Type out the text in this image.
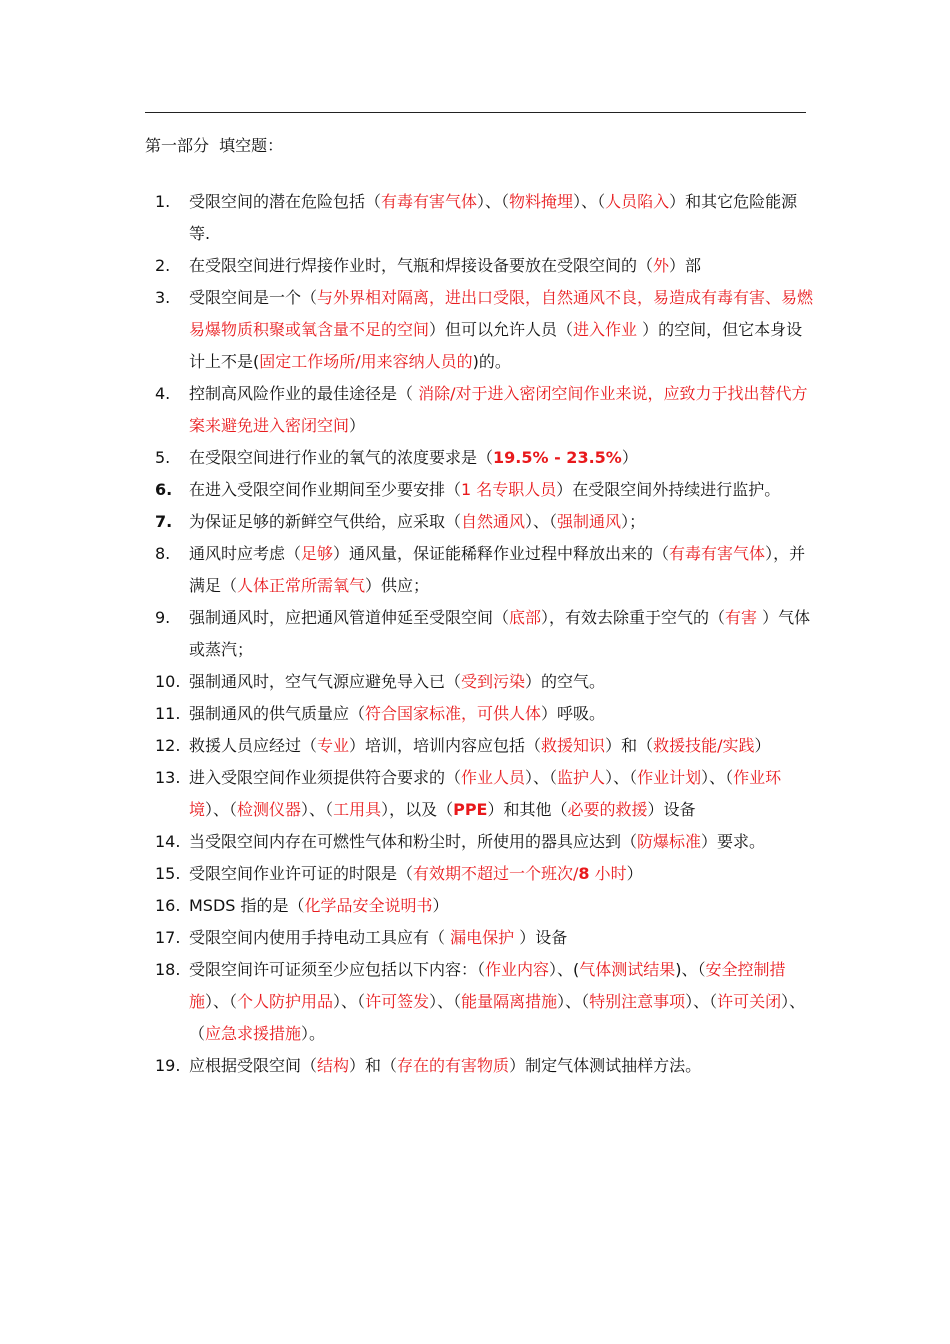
第一部分  填空题：
1. 受限空间的潜在危险包括（有毒有害气体）、（物料掩埋）、（人员陷入）和其它危险能源等.
2. 在受限空间进行焊接作业时，气瓶和焊接设备要放在受限空间的（外）部
3. 受限空间是一个（与外界相对隔离，进出口受限，自然通风不良，易造成有毒有害、易燃易爆物质积聚或氧含量不足的空间）但可以允许人员（进入作业 ）的空间，但它本身设计上不是(固定工作场所/用来容纳人员的)的。
4. 控制高风险作业的最佳途径是（ 消除/对于进入密闭空间作业来说，应致力于找出替代方案来避免进入密闭空间）
5. 在受限空间进行作业的氧气的浓度要求是（19.5% - 23.5%）
6. 在进入受限空间作业期间至少要安排（1 名专职人员）在受限空间外持续进行监护。
7. 为保证足够的新鲜空气供给，应采取（自然通风）、（强制通风）；
8. 通风时应考虑（足够）通风量，保证能稀释作业过程中释放出来的（有毒有害气体），并满足（人体正常所需氧气）供应；
9. 强制通风时，应把通风管道伸延至受限空间（底部），有效去除重于空气的（有害 ）气体或蒸汽；
10. 强制通风时，空气气源应避免导入已（受到污染）的空气。
11. 强制通风的供气质量应（符合国家标准，可供人体）呼吸。
12. 救援人员应经过（专业）培训，培训内容应包括（救援知识）和（救援技能/实践）
13. 进入受限空间作业须提供符合要求的（作业人员）、（监护人）、（作业计划）、（作业环境）、（检测仪器）、（工用具），以及（PPE）和其他（必要的救援）设备
14. 当受限空间内存在可燃性气体和粉尘时，所使用的器具应达到（防爆标准）要求。
15. 受限空间作业许可证的时限是（有效期不超过一个班次/8 小时）
16. MSDS 指的是（化学品安全说明书）
17. 受限空间内使用手持电动工具应有（ 漏电保护 ）设备
18. 受限空间许可证须至少应包括以下内容：（作业内容）、(气体测试结果)、（安全控制措施）、（个人防护用品）、（许可签发）、（能量隔离措施）、（特别注意事项）、（许可关闭）、（应急求援措施）。
19. 应根据受限空间（结构）和（存在的有害物质）制定气体测试抽样方法。
